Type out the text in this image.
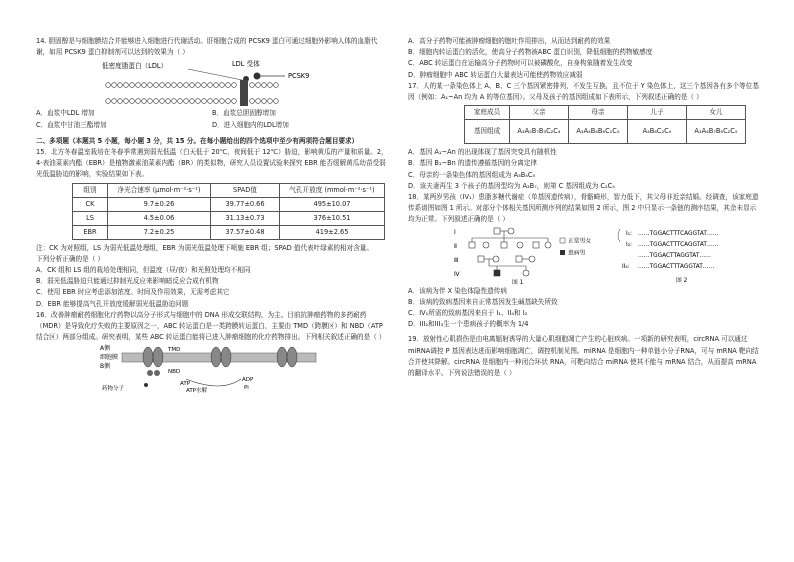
14. 胆固醇是与细胞膜结合并能够进入细胞进行代谢活动。肝细胞合成的 PCSK9 蛋白可通过细胞外影响人体的血脂代谢，如用 PCSK9 蛋白抑制剂可以达到的效果为（ ）

低密度脂蛋白（LDL）	LDL 受体
PCSK9
A．血浆中LDL 增加	B．血浆总胆固醇增加
C．血浆中甘油三酯增加	D．进入细胞内的LDL增加

二、多项题（本题共 5 小题，每小题 3 分，共 15 分。在每小题给出的四个选项中至少有两项符合题目要求）

15．北方冬春温室栽培在冬春季常遇到弱光低温（白天低于 20℃，夜间低于 12℃）胁迫，影响黄瓜的产量和质量。2，4-表油菜素内酯（EBR）是植物激素油菜素内酯（BR）的类似物，研究人员设置试验来探究 EBR 能否缓解黄瓜幼苗受弱光低温胁迫的影响，实验结果如下表。

组别	净光合速率 (μmol·m⁻²·s⁻¹)	SPAD值	气孔开放度 (mmol·m⁻²·s⁻¹)
CK	9.7±0.26	39.77±0.66	495±10.07
LS	4.5±0.06	31.13±0.73	376±10.51
EBR	7.2±0.25	37.57±0.48	419±2.65

注：CK 为对照组，LS 为弱光低温处理组，EBR 为弱光低温处理下喷施 EBR 组；SPAD 值代表叶绿素的相对含量。

下列分析正确的是（ ）

A．CK 组和 LS 组的栽培处理相同，但温度（昼/夜）和光照处理均不相同
B．弱光低温胁迫只能通过抑制光反应来影响暗反应合成有机物
C．使用 EBR 时应考虑添加浓度、时间及作用效果，无需考虑其它
D．EBR 能够提高气孔开放度缓解弱光低温胁迫问题

16．改善肿瘤耐药细胞化疗药物以高分子形式与细胞中的 DNA 形成交联结构，为主。目前抗肿瘤药物的多药耐药（MDR）是导致化疗失败的主要原因之一，ABC 转运蛋白是一类跨膜转运蛋白，主要由 TMD（跨膜区）和 NBD（ATP 结合区）两部分组成。研究表明，某些 ABC 转运蛋白能将已进入肿瘤细胞的化疗药物排出。下列相关叙述正确的是（ ）

A侧
细胞膜
B侧
TMD
NBD
药物分子
ATP
ATP水解
ADP
Pi
A．高分子药物可能被肿瘤细胞的胞吐作用排出，从而达到耐药的效果
B．细胞内转运蛋白的活化，使高分子药物被ABC 蛋白识别，降低细胞的药物敏感度
C．ABC 转运蛋白在运输高分子药物时可以被磷酸化，自身构象随着发生改变
D．肿瘤细胞中 ABC 转运蛋白大量表达可能使药物效应减弱

17．人的某一条染色体上 A、B、C 三个基因紧密排列，不发生互换，且不位于 Y 染色体上，这三个基因各有多个等位基因（例如：A₁~An 均为 A 的等位基因）。父母及孩子的基因组成如下表所示，下列叙述正确的是（ ）

家庭成员	父亲	母亲	儿子	女儿
基因组成	A₃A₅B₇B₃C₂C₄	A₃A₄B₄B₆C₁C₅	A₄B₆C₂C₉	A₃A₄B₇B₆C₂C₅
A．基因 A₁~An 的出现体现了基因突变具有随机性
B．基因 B₁~Bn 的遗传遵循基因的分离定律
C．母亲的一条染色体的基因组成为 A₃B₄C₅
D．该夫妻再生 3 个孩子的基因型均为 A₃B₇，则第 C 基因组成为 C₂C₅

18．某两岁男孩（IV₁）患脂多糖代谢症（单基因遗传病），骨骼畸形，智力低下，其父母非近亲结婚。经调查，该家庭遗传系谱图如图 1 所示。对部分个体相关基因所测序列的结果如图 2 所示，图 2 中只显示一条链的测序结果，其余未显示均为正常。下列叙述正确的是（ ）

Ⅰ
Ⅱ
Ⅲ
Ⅳ
正常男女
患病男
图 1
I₁: ……TGGACTTTCAGGTAT……
I₂: ……TGGACTTTCAGGTAT……
……TGGACTTAGGTAT……
II₄: ……TGGACTTTAGGTAT……
图 2
A．该病为伴 X 染色体隐性遗传病
B．该病的致病基因来自正常基因发生碱基缺失所致
C．IV₁所需的致病基因来自于 I₁、II₄和 I₂
D．III₂和III₃生一个患病孩子的概率为 1/4

19．放射性心肌损伤是由电离辐射诱导的大量心肌细胞凋亡产生的心脏疾病。一项新的研究表明，circRNA 可以通过miRNA调控 P 基因表达进而影响细胞凋亡，调控机制见图。miRNA 是细胞内一种单链小分子RNA，可与 mRNA 靶向结合并使其降解。circRNA 是细胞内一种闭合环状 RNA，可靶向结合 miRNA 使其不能与 mRNA 结合，从而提高 mRNA 的翻译水平。下列说法错误的是（ ）
